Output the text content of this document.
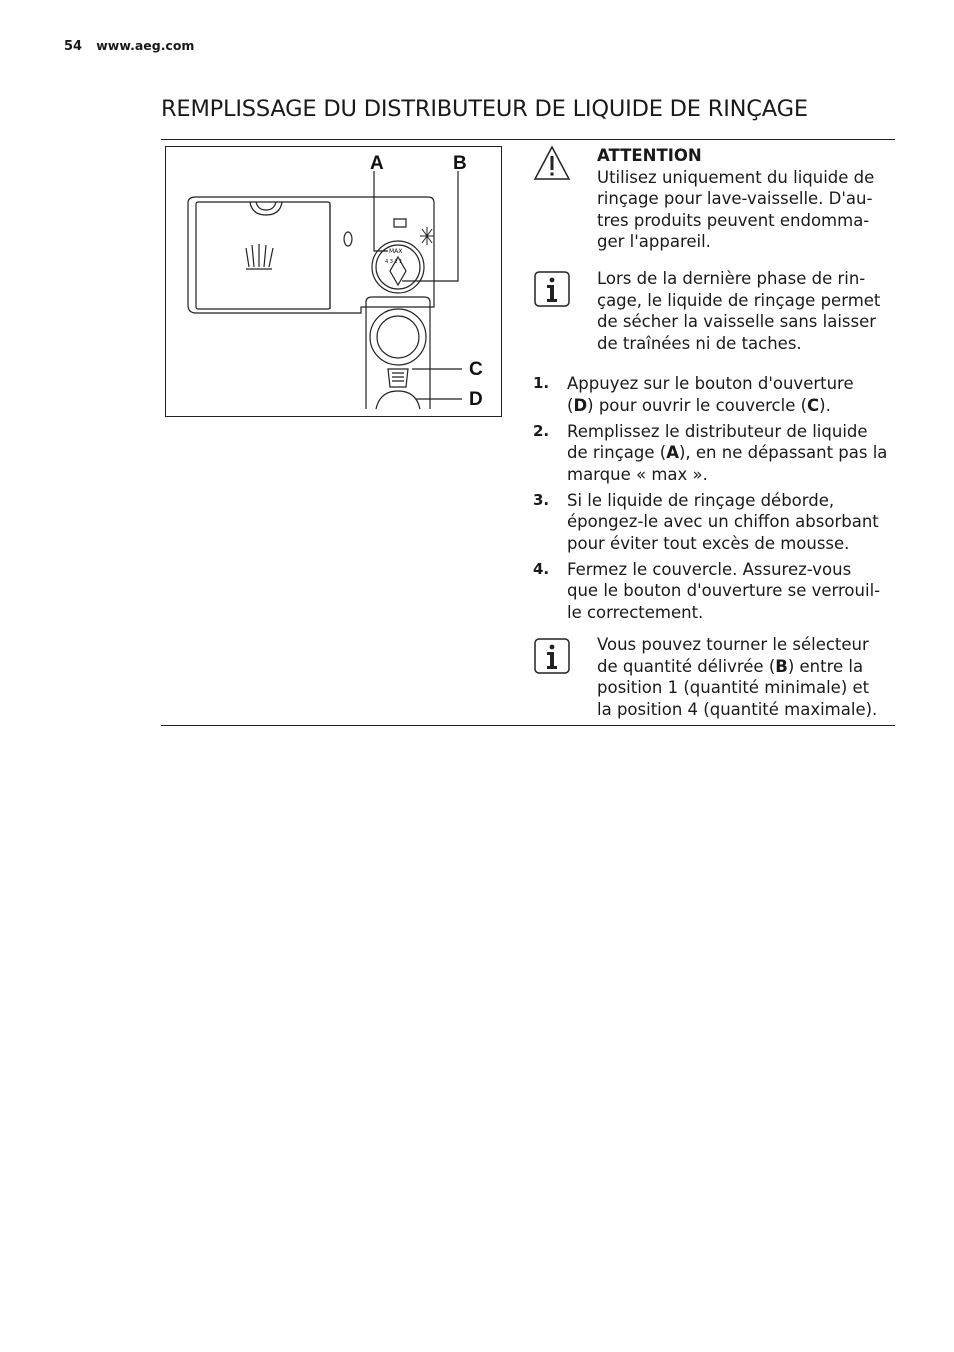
54 www.aeg.com
REMPLISSAGE DU DISTRIBUTEUR DE LIQUIDE DE RINÇAGE
A	B
C
D
MAX
4 3 2 1
ATTENTION
Utilisez uniquement du liquide de
rinçage pour lave-vaisselle. D'au-
tres produits peuvent endomma-
ger l'appareil.
Lors de la dernière phase de rin-
çage, le liquide de rinçage permet
de sécher la vaisselle sans laisser
de traînées ni de taches.
1. Appuyez sur le bouton d'ouverture
(D) pour ouvrir le couvercle (C).
2. Remplissez le distributeur de liquide
de rinçage (A), en ne dépassant pas la
marque « max ».
3. Si le liquide de rinçage déborde,
épongez-le avec un chiffon absorbant
pour éviter tout excès de mousse.
4. Fermez le couvercle. Assurez-vous
que le bouton d'ouverture se verrouil-
le correctement.
Vous pouvez tourner le sélecteur
de quantité délivrée (B) entre la
position 1 (quantité minimale) et
la position 4 (quantité maximale).
